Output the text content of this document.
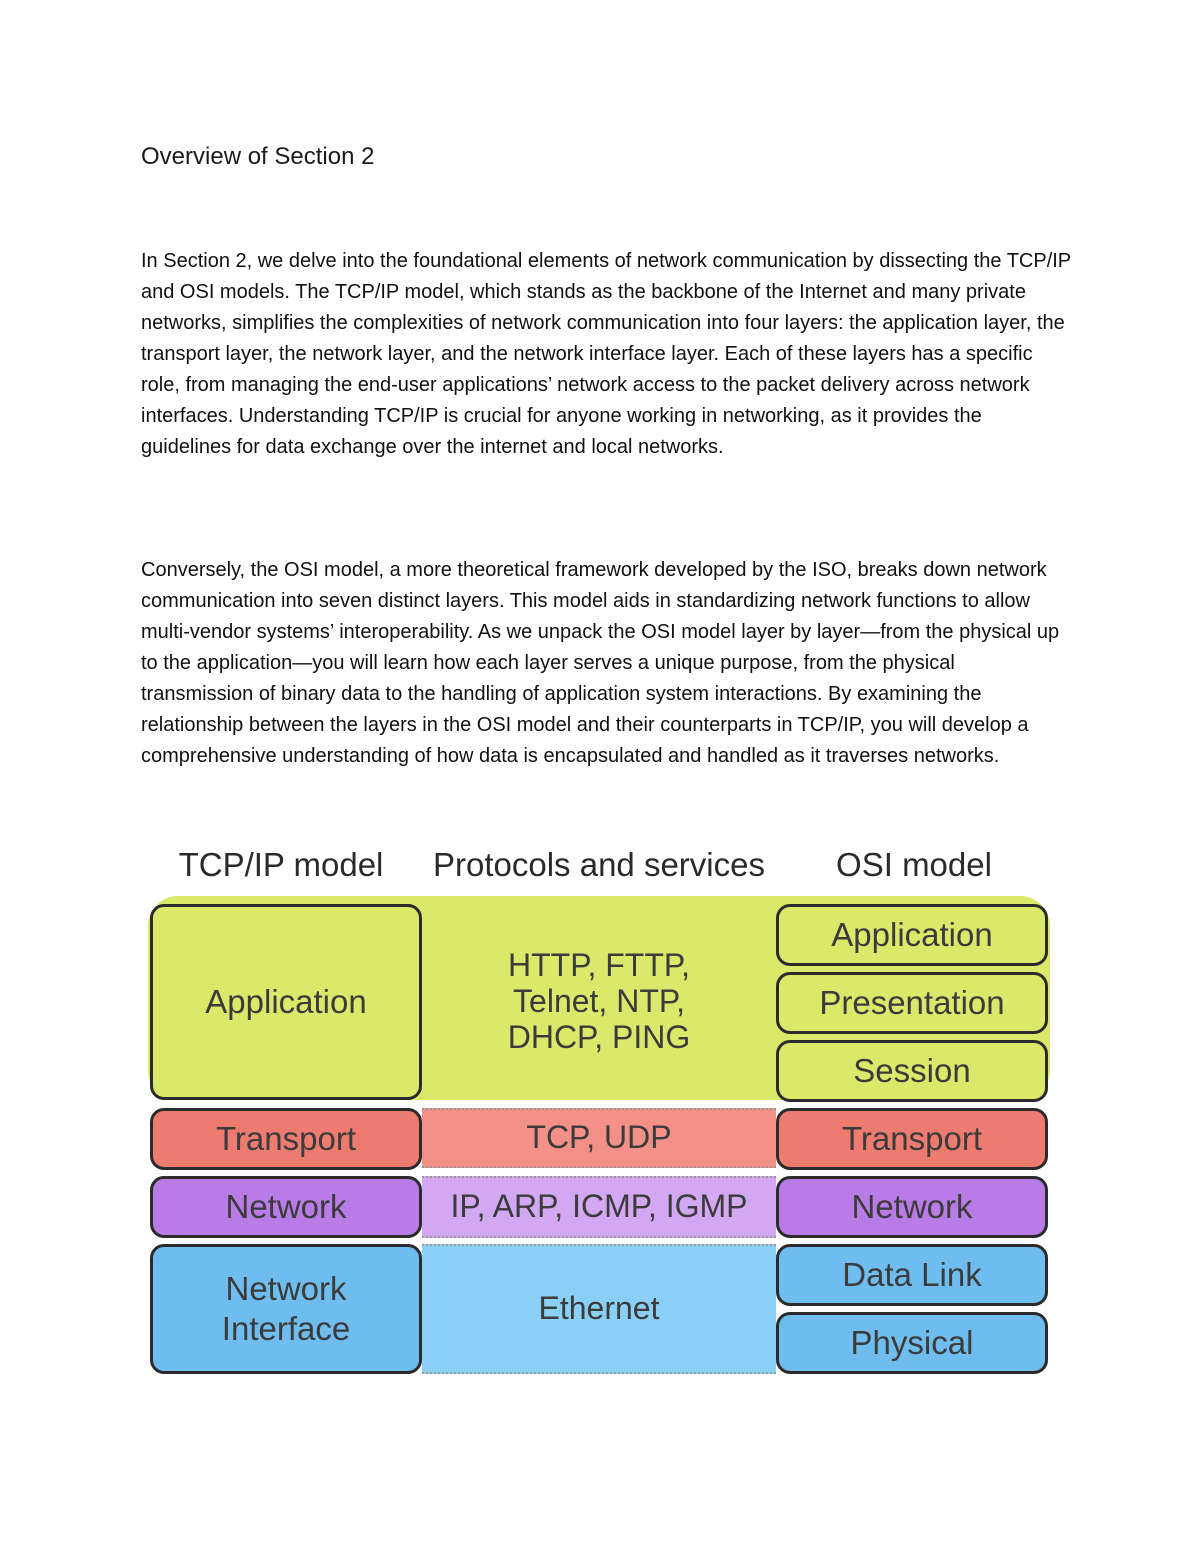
Overview of Section 2

In Section 2, we delve into the foundational elements of network communication by dissecting the TCP/IP and OSI models. The TCP/IP model, which stands as the backbone of the Internet and many private networks, simplifies the complexities of network communication into four layers: the application layer, the transport layer, the network layer, and the network interface layer. Each of these layers has a specific role, from managing the end-user applications’ network access to the packet delivery across network interfaces. Understanding TCP/IP is crucial for anyone working in networking, as it provides the guidelines for data exchange over the internet and local networks.

Conversely, the OSI model, a more theoretical framework developed by the ISO, breaks down network communication into seven distinct layers. This model aids in standardizing network functions to allow multi-vendor systems’ interoperability. As we unpack the OSI model layer by layer—from the physical up to the application—you will learn how each layer serves a unique purpose, from the physical transmission of binary data to the handling of application system interactions. By examining the relationship between the layers in the OSI model and their counterparts in TCP/IP, you will develop a comprehensive understanding of how data is encapsulated and handled as it traverses networks.

TCP/IP model	Protocols and services	OSI model
HTTP, FTTP, Telnet, NTP, DHCP, PING
TCP, UDP
IP, ARP, ICMP, IGMP
Ethernet
Application
Transport
Network
Network Interface
Application
Presentation
Session
Transport
Network
Data Link
Physical
